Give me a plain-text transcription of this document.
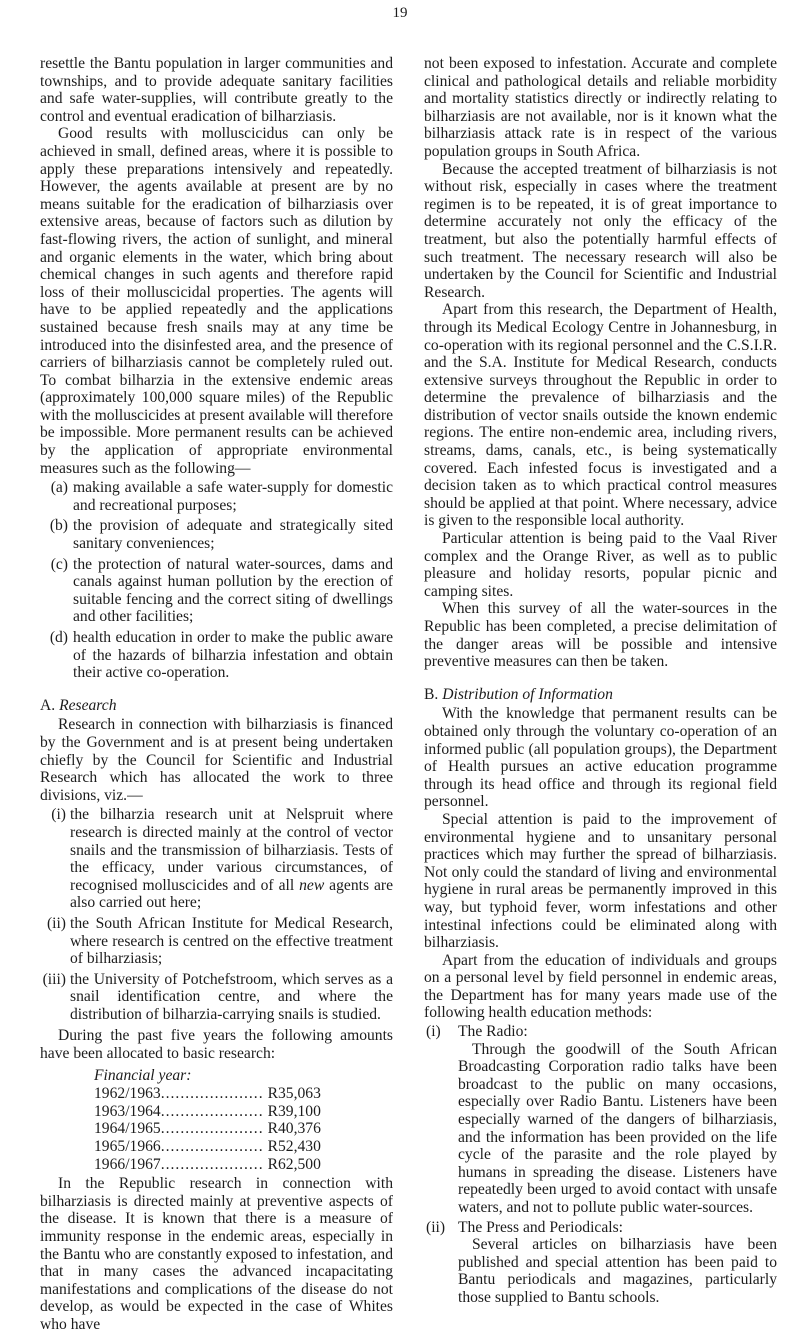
19

resettle the Bantu population in larger communities and townships, and to provide adequate sanitary facilities and safe water-supplies, will contribute greatly to the control and eventual eradication of bilharziasis.

Good results with molluscicidus can only be achieved in small, defined areas, where it is possible to apply these preparations intensively and repeatedly. However, the agents available at present are by no means suitable for the eradication of bilharziasis over extensive areas, because of factors such as dilution by fast-flowing rivers, the action of sunlight, and mineral and organic elements in the water, which bring about chemical changes in such agents and therefore rapid loss of their molluscicidal properties. The agents will have to be applied repeatedly and the applications sustained because fresh snails may at any time be introduced into the disinfested area, and the presence of carriers of bilharziasis cannot be completely ruled out. To combat bilharzia in the extensive endemic areas (approximately 100,000 square miles) of the Republic with the molluscicides at present available will therefore be impossible. More permanent results can be achieved by the application of appropriate environmental measures such as the following—

(a) making available a safe water-supply for domestic and recreational purposes;
(b) the provision of adequate and strategically sited sanitary conveniences;
(c) the protection of natural water-sources, dams and canals against human pollution by the erection of suitable fencing and the correct siting of dwellings and other facilities;
(d) health education in order to make the public aware of the hazards of bilharzia infestation and obtain their active co-operation.
A. Research

Research in connection with bilharziasis is financed by the Government and is at present being undertaken chiefly by the Council for Scientific and Industrial Research which has allocated the work to three divisions, viz.—

(i) the bilharzia research unit at Nelspruit where research is directed mainly at the control of vector snails and the transmission of bilharziasis. Tests of the efficacy, under various circumstances, of recognised molluscicides and of all new agents are also carried out here;
(ii) the South African Institute for Medical Research, where research is centred on the effective treatment of bilharziasis;
(iii) the University of Potchefstroom, which serves as a snail identification centre, and where the distribution of bilharzia-carrying snails is studied.

During the past five years the following amounts have been allocated to basic research:

Financial year:
1962/1963 ..................... R35,063
1963/1964 ..................... R39,100
1964/1965 ..................... R40,376
1965/1966 ..................... R52,430
1966/1967 ..................... R62,500

In the Republic research in connection with bilharziasis is directed mainly at preventive aspects of the disease. It is known that there is a measure of immunity response in the endemic areas, especially in the Bantu who are constantly exposed to infestation, and that in many cases the advanced incapacitating manifestations and complications of the disease do not develop, as would be expected in the case of Whites who have

not been exposed to infestation. Accurate and complete clinical and pathological details and reliable morbidity and mortality statistics directly or indirectly relating to bilharziasis are not available, nor is it known what the bilharziasis attack rate is in respect of the various population groups in South Africa.

Because the accepted treatment of bilharziasis is not without risk, especially in cases where the treatment regimen is to be repeated, it is of great importance to determine accurately not only the efficacy of the treatment, but also the potentially harmful effects of such treatment. The necessary research will also be undertaken by the Council for Scientific and Industrial Research.

Apart from this research, the Department of Health, through its Medical Ecology Centre in Johannesburg, in co-operation with its regional personnel and the C.S.I.R. and the S.A. Institute for Medical Research, conducts extensive surveys throughout the Republic in order to determine the prevalence of bilharziasis and the distribution of vector snails outside the known endemic regions. The entire non-endemic area, including rivers, streams, dams, canals, etc., is being systematically covered. Each infested focus is investigated and a decision taken as to which practical control measures should be applied at that point. Where necessary, advice is given to the responsible local authority.

Particular attention is being paid to the Vaal River complex and the Orange River, as well as to public pleasure and holiday resorts, popular picnic and camping sites.

When this survey of all the water-sources in the Republic has been completed, a precise delimitation of the danger areas will be possible and intensive preventive measures can then be taken.

B. Distribution of Information

With the knowledge that permanent results can be obtained only through the voluntary co-operation of an informed public (all population groups), the Department of Health pursues an active education programme through its head office and through its regional field personnel.

Special attention is paid to the improvement of environmental hygiene and to unsanitary personal practices which may further the spread of bilharziasis. Not only could the standard of living and environmental hygiene in rural areas be permanently improved in this way, but typhoid fever, worm infestations and other intestinal infections could be eliminated along with bilharziasis.

Apart from the education of individuals and groups on a personal level by field personnel in endemic areas, the Department has for many years made use of the following health education methods:

(i)	The Radio:
Through the goodwill of the South African Broadcasting Corporation radio talks have been broadcast to the public on many occasions, especially over Radio Bantu. Listeners have been especially warned of the dangers of bilharziasis, and the information has been provided on the life cycle of the parasite and the role played by humans in spreading the disease. Listeners have repeatedly been urged to avoid contact with unsafe waters, and not to pollute public water-sources.
(ii) The Press and Periodicals:
Several articles on bilharziasis have been published and special attention has been paid to Bantu periodicals and magazines, particularly those supplied to Bantu schools.
